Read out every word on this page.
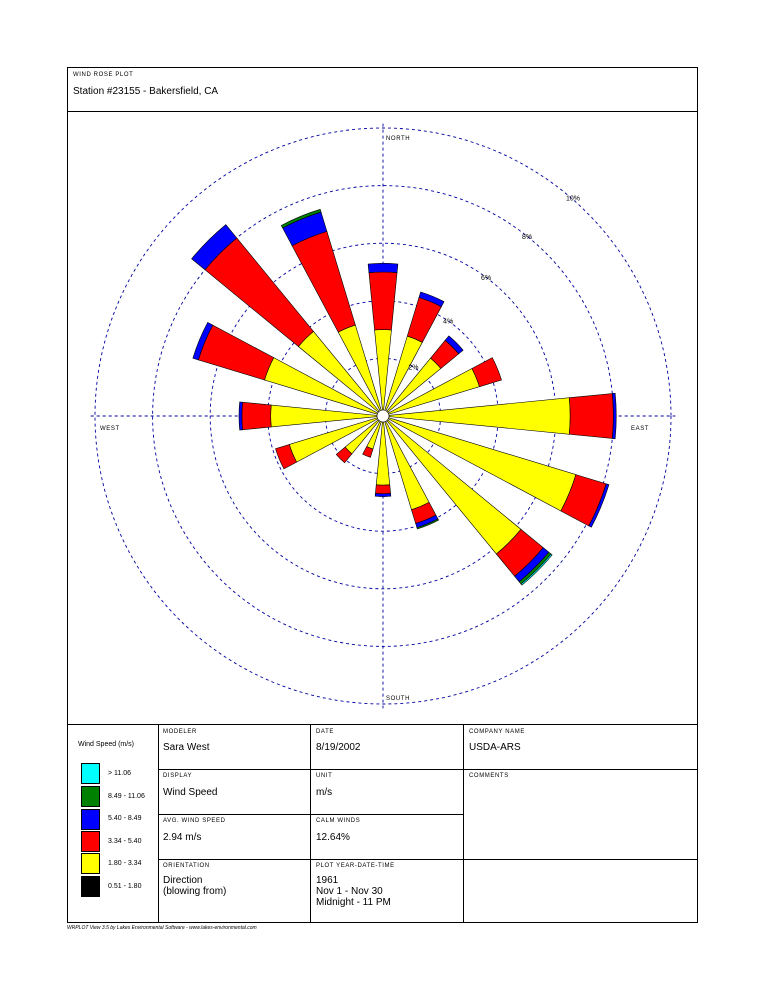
WIND ROSE PLOT
Station #23155 - Bakersfield, CA
NORTH
SOUTH
EAST
WEST
2%
4%
6%
8%
10%
Wind Speed (m/s)
> 11.06
8.49 - 11.06
5.40 - 8.49
3.34 - 5.40
1.80 - 3.34
0.51 - 1.80
MODELER
Sara West
DATE
8/19/2002
COMPANY NAME
USDA-ARS
DISPLAY
Wind Speed
UNIT
m/s
COMMENTS
AVG. WIND SPEED
2.94 m/s
CALM WINDS
12.64%
ORIENTATION
Direction
(blowing from)
PLOT YEAR-DATE-TIME
1961
Nov 1 - Nov 30
Midnight - 11 PM
WRPLOT View 3.5 by Lakes Environmental Software - www.lakes-environmental.com
